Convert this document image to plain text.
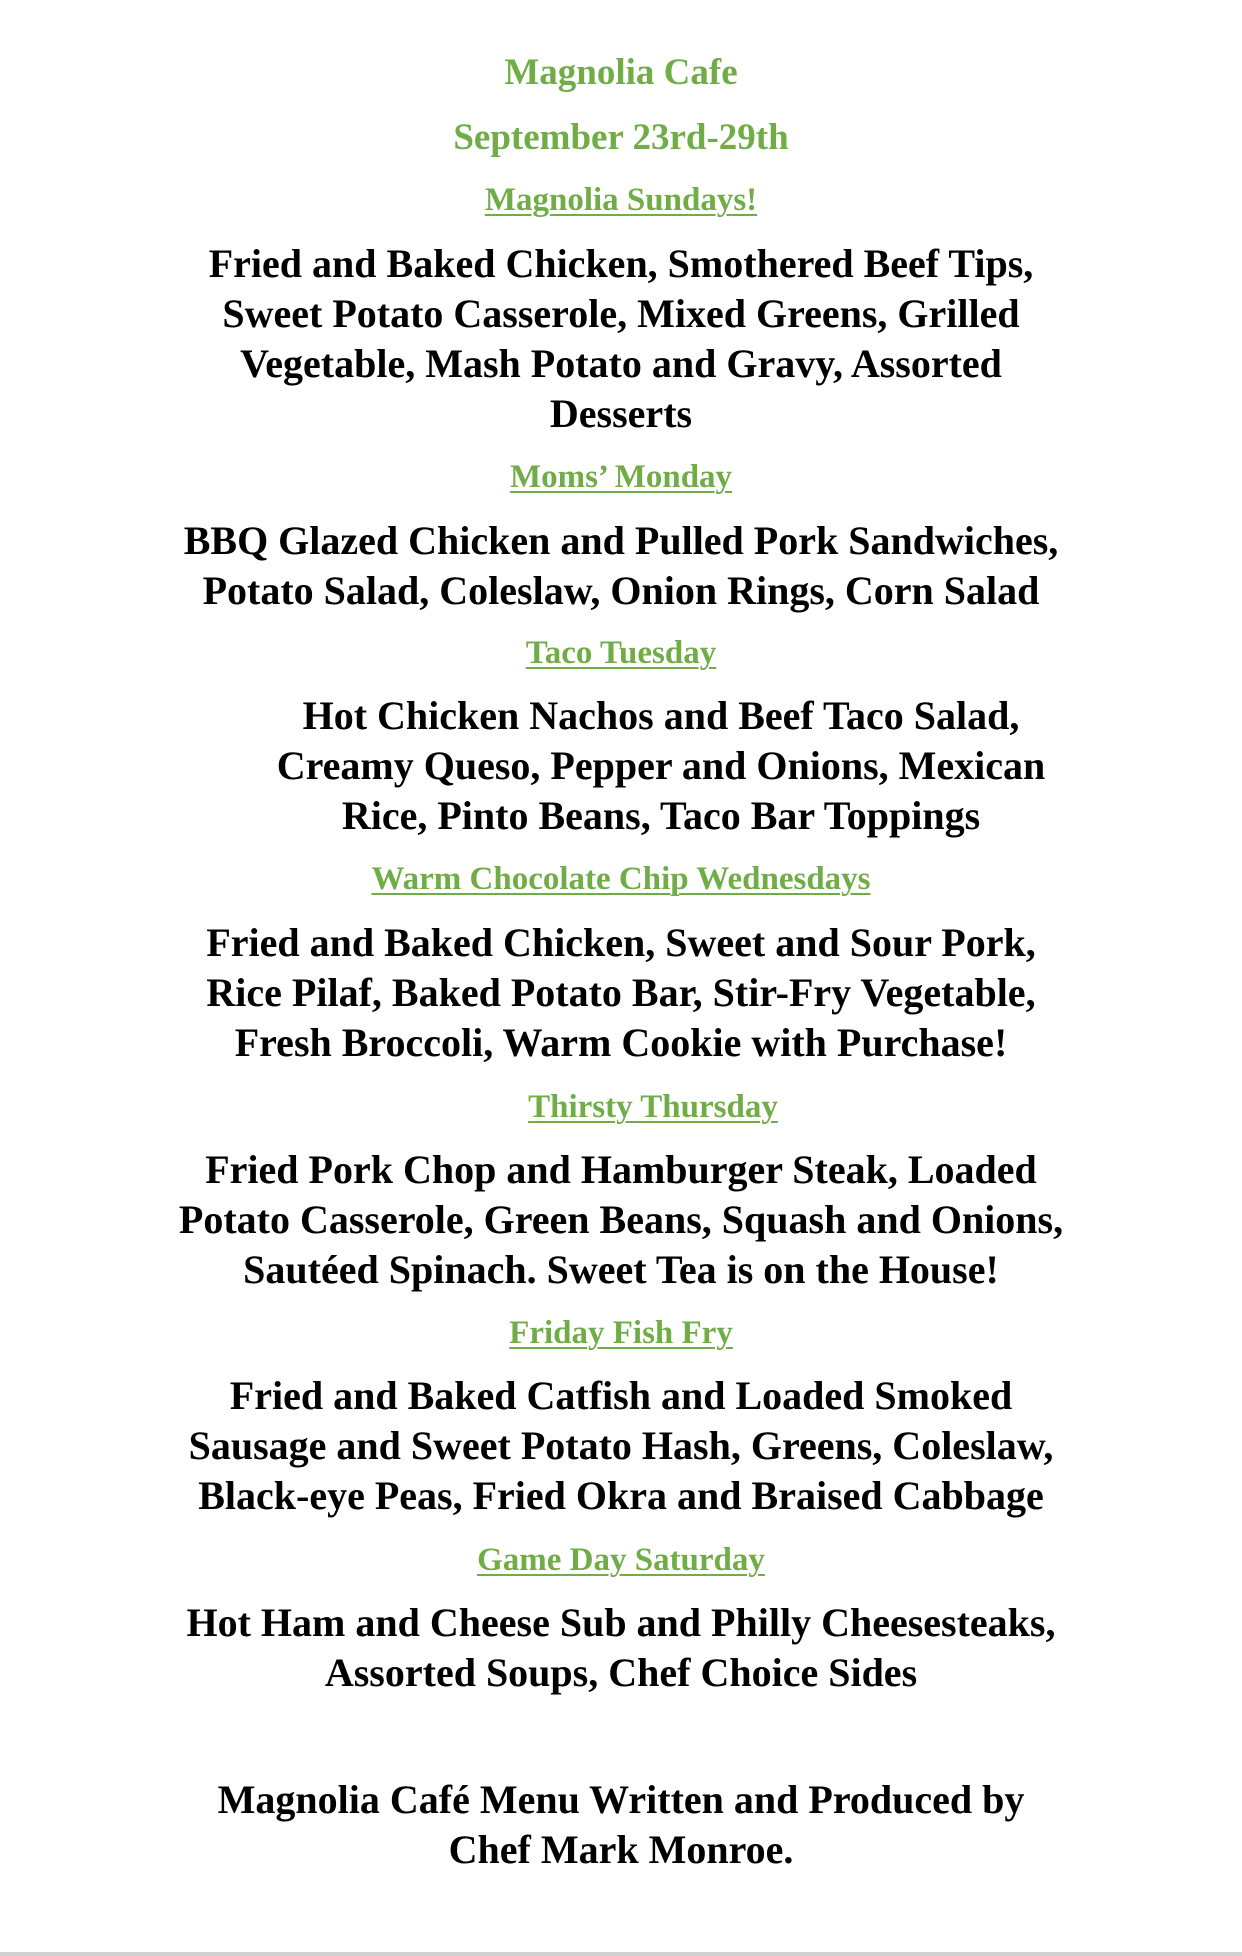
Magnolia Cafe
September 23rd-29th
Magnolia Sundays!
Fried and Baked Chicken, Smothered Beef Tips,
Sweet Potato Casserole, Mixed Greens, Grilled
Vegetable, Mash Potato and Gravy, Assorted
Desserts
Moms’ Monday
BBQ Glazed Chicken and Pulled Pork Sandwiches,
Potato Salad, Coleslaw, Onion Rings, Corn Salad
Taco Tuesday
Hot Chicken Nachos and Beef Taco Salad,
Creamy Queso, Pepper and Onions, Mexican
Rice, Pinto Beans, Taco Bar Toppings
Warm Chocolate Chip Wednesdays
Fried and Baked Chicken, Sweet and Sour Pork,
Rice Pilaf, Baked Potato Bar, Stir-Fry Vegetable,
Fresh Broccoli, Warm Cookie with Purchase!
Thirsty Thursday
Fried Pork Chop and Hamburger Steak, Loaded
Potato Casserole, Green Beans, Squash and Onions,
Sautéed Spinach. Sweet Tea is on the House!
Friday Fish Fry
Fried and Baked Catfish and Loaded Smoked
Sausage and Sweet Potato Hash, Greens, Coleslaw,
Black-eye Peas, Fried Okra and Braised Cabbage
Game Day Saturday
Hot Ham and Cheese Sub and Philly Cheesesteaks,
Assorted Soups, Chef Choice Sides
Magnolia Café Menu Written and Produced by
Chef Mark Monroe.
